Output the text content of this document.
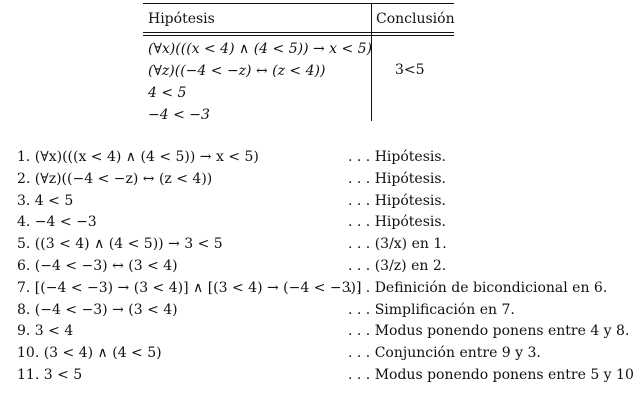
Hipótesis	Conclusión
(∀x)(((x < 4) ∧ (4 < 5)) → x < 5)
(∀z)((−4 < −z) ↔ (z < 4))
4 < 5
−4 < −3
3<5
1. (∀x)(((x < 4) ∧ (4 < 5)) → x < 5)	. . . Hipótesis.
2. (∀z)((−4 < −z) ↔ (z < 4))	. . . Hipótesis.
3. 4 < 5	. . . Hipótesis.
4. −4 < −3	. . . Hipótesis.
5. ((3 < 4) ∧ (4 < 5)) → 3 < 5	. . . (3/x) en 1.
6. (−4 < −3) ↔ (3 < 4)	. . . (3/z) en 2.
7. [(−4 < −3) → (3 < 4)] ∧ [(3 < 4) → (−4 < −3)]
. . . Definición de bicondicional en 6.
8. (−4 < −3) → (3 < 4)	. . . Simplificación en 7.
9. 3 < 4	. . . Modus ponendo ponens entre 4 y 8.
10. (3 < 4) ∧ (4 < 5)	. . . Conjunción entre 9 y 3.
11. 3 < 5	. . . Modus ponendo ponens entre 5 y 10
